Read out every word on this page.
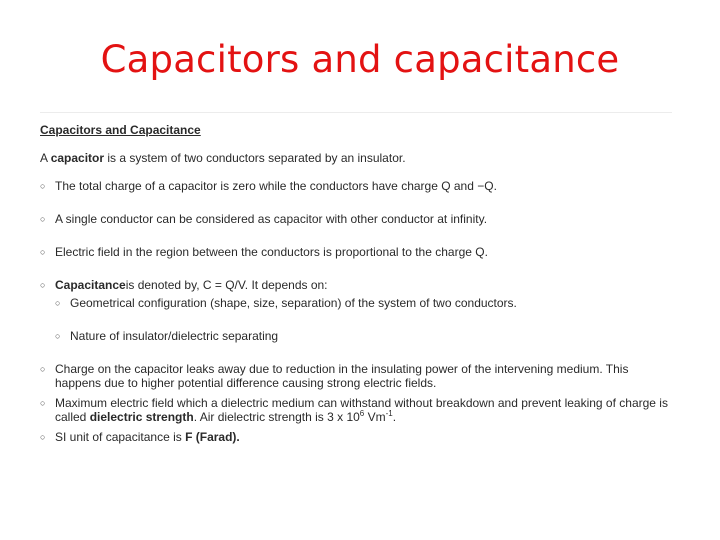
Capacitors and capacitance
Capacitors and Capacitance
A capacitor is a system of two conductors separated by an insulator.
○ The total charge of a capacitor is zero while the conductors have charge Q and −Q.
○ A single conductor can be considered as capacitor with other conductor at infinity.
○ Electric field in the region between the conductors is proportional to the charge Q.
○ Capacitanceis denoted by, C = Q/V. It depends on:
○ Geometrical configuration (shape, size, separation) of the system of two conductors.
○ Nature of insulator/dielectric separating
○ Charge on the capacitor leaks away due to reduction in the insulating power of the intervening medium. This happens due to higher potential difference causing strong electric fields.
○ Maximum electric field which a dielectric medium can withstand without breakdown and prevent leaking of charge is called dielectric strength. Air dielectric strength is 3 x $10^6$ $Vm^{-1}$.
○ SI unit of capacitance is F (Farad).
